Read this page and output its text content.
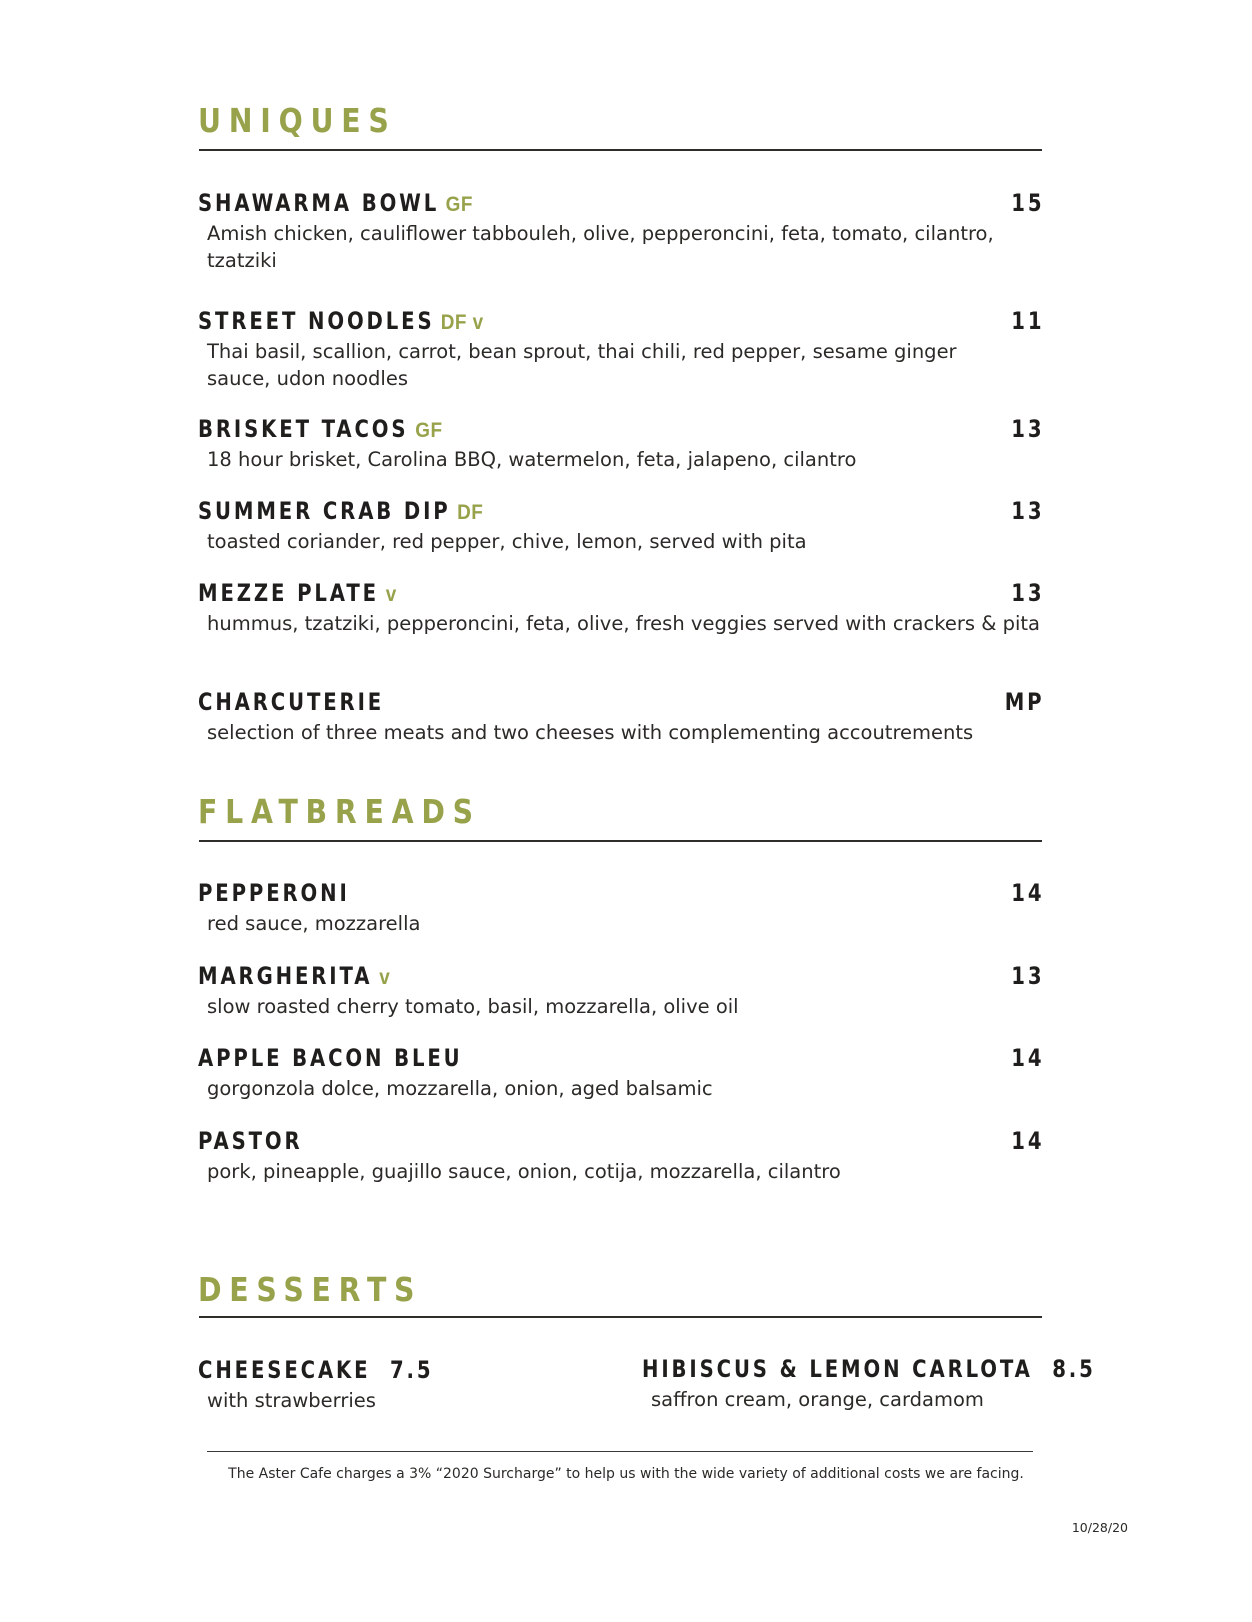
UNIQUES
SHAWARMA BOWL GF	15

Amish chicken, cauliflower tabbouleh, olive, pepperoncini, feta, tomato, cilantro, tzatziki

STREET NOODLES DF v	11

Thai basil, scallion, carrot, bean sprout, thai chili, red pepper, sesame ginger sauce, udon noodles

BRISKET TACOS GF	13

18 hour brisket, Carolina BBQ, watermelon, feta, jalapeno, cilantro

SUMMER CRAB DIP DF	13

toasted coriander, red pepper, chive, lemon, served with pita

MEZZE PLATE v	13

hummus, tzatziki, pepperoncini, feta, olive, fresh veggies served with crackers & pita

CHARCUTERIE	MP

selection of three meats and two cheeses with complementing accoutrements

FLATBREADS
PEPPERONI	14

red sauce, mozzarella

MARGHERITA v	13

slow roasted cherry tomato, basil, mozzarella, olive oil

APPLE BACON BLEU	14

gorgonzola dolce, mozzarella, onion, aged balsamic

PASTOR	14

pork, pineapple, guajillo sauce, onion, cotija, mozzarella, cilantro

DESSERTS
CHEESECAKE 7.5

with strawberries

HIBISCUS & LEMON CARLOTA 8.5

saffron cream, orange, cardamom

The Aster Cafe charges a 3% “2020 Surcharge” to help us with the wide variety of additional costs we are facing.
10/28/20
